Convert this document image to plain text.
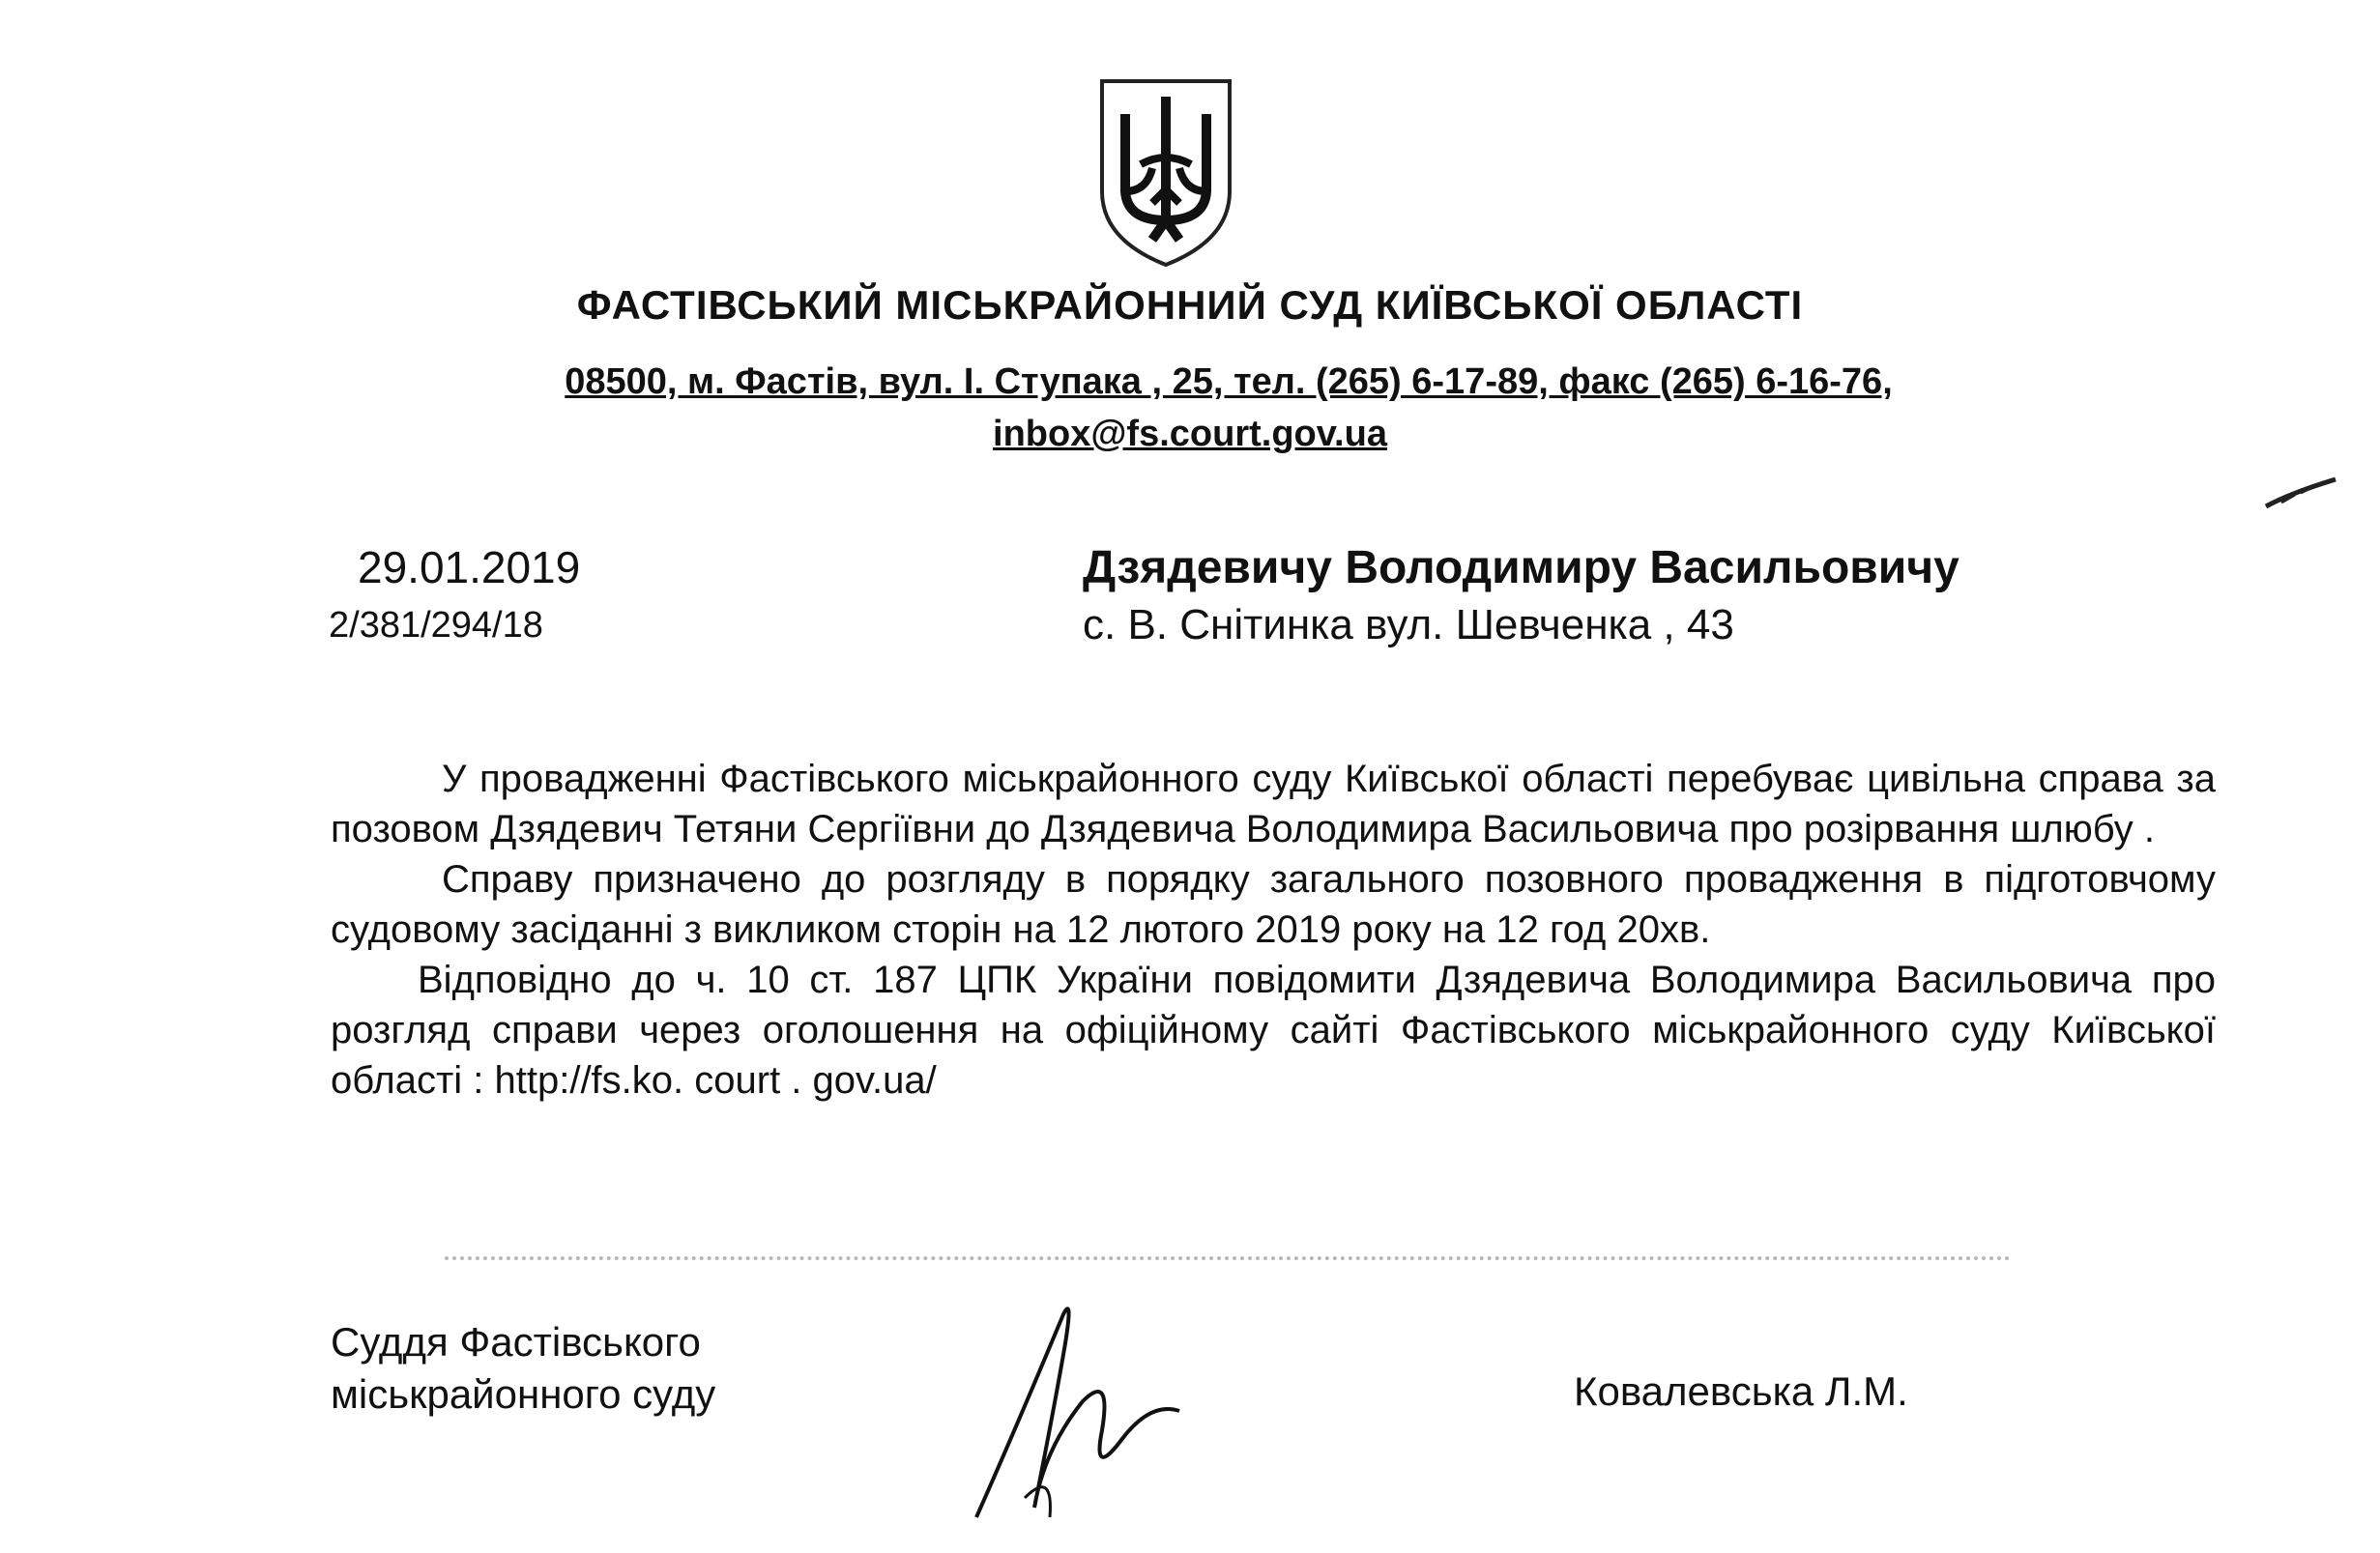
ФАСТІВСЬКИЙ МІСЬКРАЙОННИЙ СУД КИЇВСЬКОЇ ОБЛАСТІ
08500, м. Фастів, вул. І. Ступака , 25, тел. (265) 6-17-89, факс (265) 6-16-76,
inbox@fs.court.gov.ua
29.01.2019
2/381/294/18
Дзядевичу Володимиру Васильовичу
с. В. Снітинка вул. Шевченка , 43

У провадженні Фастівського міськрайонного суду Київської області перебуває цивільна справа за позовом Дзядевич Тетяни Сергіївни до Дзядевича Володимира Васильовича про розірвання шлюбу .

Справу призначено до розгляду в порядку загального позовного провадження в підготовчому судовому засіданні з викликом сторін на 12 лютого 2019 року на 12 год 20хв.

Відповідно до ч. 10 ст. 187 ЦПК України повідомити Дзядевича Володимира Васильовича про розгляд справи через оголошення на офіційному сайті Фастівського міськрайонного суду Київської області : http://fs.ko. court . gov.ua/

Суддя Фастівського
міськрайонного суду	Ковалевська Л.М.
